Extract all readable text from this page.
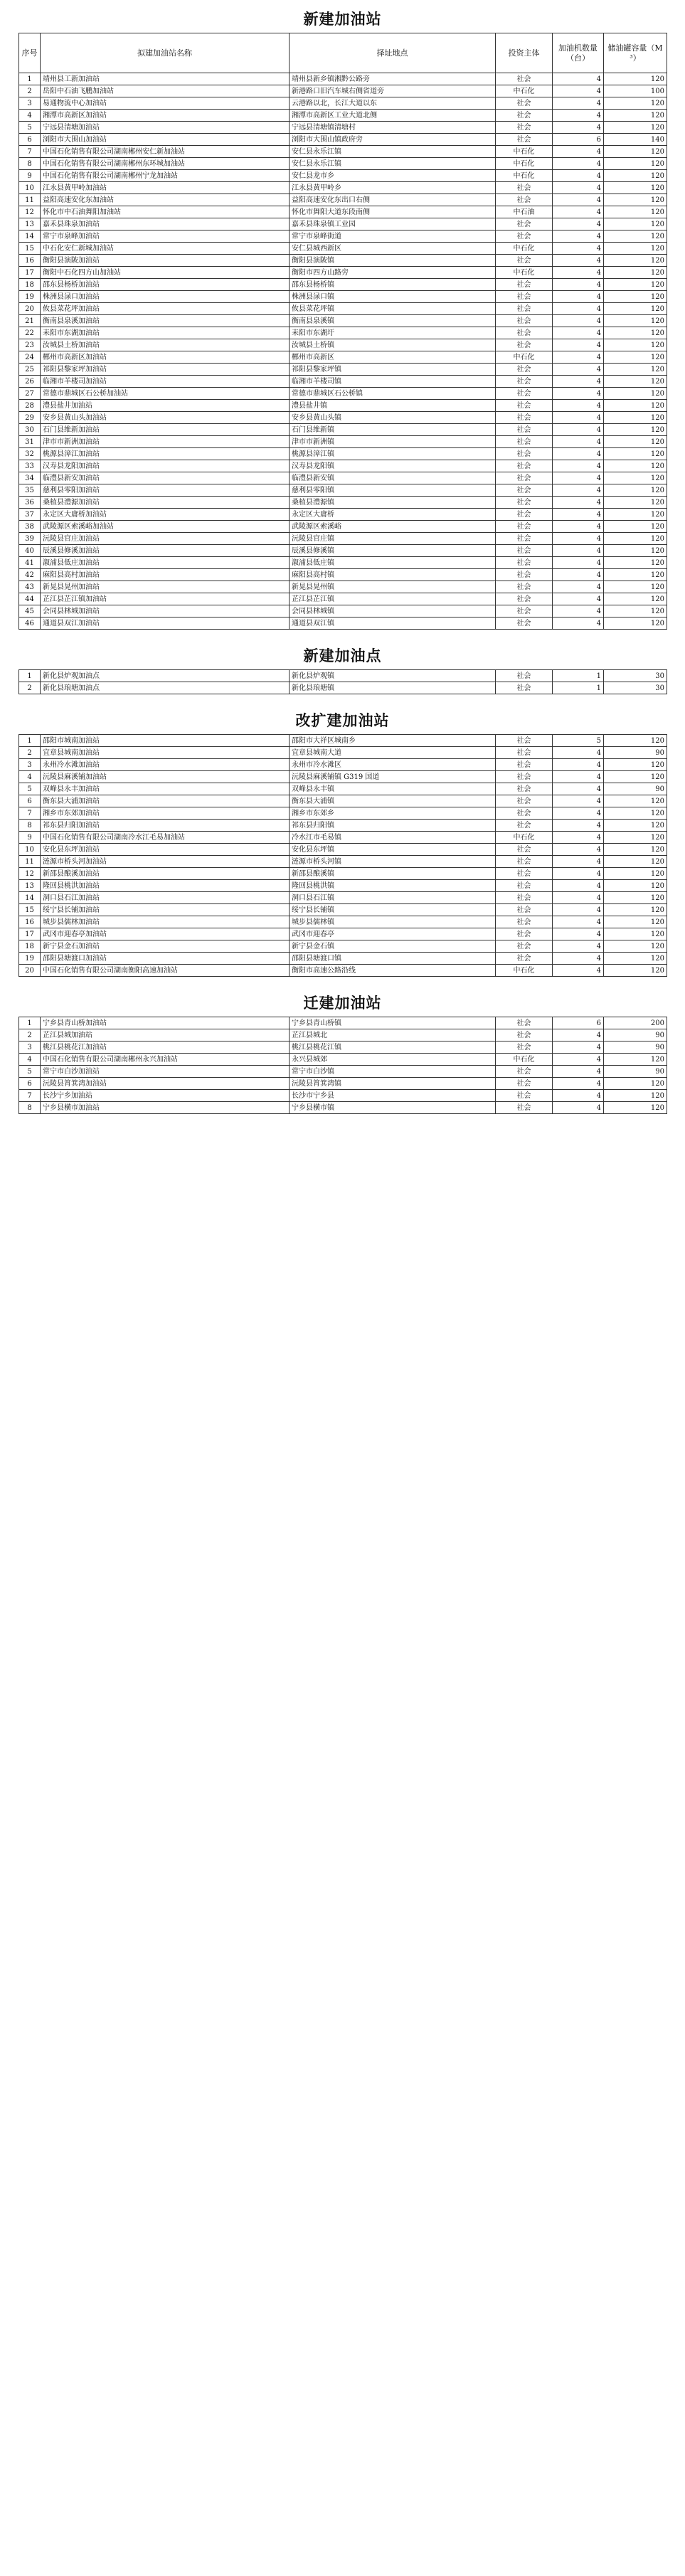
新建加油站
序号	拟建加油站名称	择址地点	投资主体	加油机数量（台）	储油罐容量（M³）
1	靖州县工新加油站	靖州县新乡镇湘黔公路旁	社会	4	120
2	岳阳中石油飞鹏加油站	新港路口旧汽车城右侧省道旁	中石化	4	100
3	易通物流中心加油站	云港路以北，长江大道以东	社会	4	120
4	湘潭市高新区加油站	湘潭市高新区工业大道北侧	社会	4	120
5	宁远县清塘加油站	宁远县清塘镇清塘村	社会	4	120
6	浏阳市大围山加油站	浏阳市大围山镇政府旁	社会	6	140
7	中国石化销售有限公司湖南郴州安仁新加油站	安仁县永乐江镇	中石化	4	120
8	中国石化销售有限公司湖南郴州东环城加油站	安仁县永乐江镇	中石化	4	120
9	中国石化销售有限公司湖南郴州宁龙加油站	安仁县龙市乡	中石化	4	120
10	江永县黄甲岭加油站	江永县黄甲岭乡	社会	4	120
11	益阳高速安化东加油站	益阳高速安化东出口右侧	社会	4	120
12	怀化市中石油舞阳加油站	怀化市舞阳大道东段南侧	中石油	4	120
13	嘉禾县珠泉加油站	嘉禾县珠泉镇工业园	社会	4	120
14	常宁市泉峰加油站	常宁市泉峰街道	社会	4	120
15	中石化安仁新城加油站	安仁县城西新区	中石化	4	120
16	衡阳县演陂加油站	衡阳县演陂镇	社会	4	120
17	衡阳中石化四方山加油站	衡阳市四方山路旁	中石化	4	120
18	邵东县杨桥加油站	邵东县杨桥镇	社会	4	120
19	株洲县渌口加油站	株洲县渌口镇	社会	4	120
20	攸县菜花坪加油站	攸县菜花坪镇	社会	4	120
21	衡南县泉溪加油站	衡南县泉溪镇	社会	4	120
22	耒阳市东湖加油站	耒阳市东湖圩	社会	4	120
23	汝城县土桥加油站	汝城县土桥镇	社会	4	120
24	郴州市高新区加油站	郴州市高新区	中石化	4	120
25	祁阳县黎家坪加油站	祁阳县黎家坪镇	社会	4	120
26	临湘市羊楼司加油站	临湘市羊楼司镇	社会	4	120
27	常德市鼎城区石公桥加油站	常德市鼎城区石公桥镇	社会	4	120
28	澧县盐井加油站	澧县盐井镇	社会	4	120
29	安乡县黄山头加油站	安乡县黄山头镇	社会	4	120
30	石门县维新加油站	石门县维新镇	社会	4	120
31	津市市新洲加油站	津市市新洲镇	社会	4	120
32	桃源县漳江加油站	桃源县漳江镇	社会	4	120
33	汉寿县龙阳加油站	汉寿县龙阳镇	社会	4	120
34	临澧县新安加油站	临澧县新安镇	社会	4	120
35	慈利县零阳加油站	慈利县零阳镇	社会	4	120
36	桑植县澧源加油站	桑植县澧源镇	社会	4	120
37	永定区大庸桥加油站	永定区大庸桥	社会	4	120
38	武陵源区索溪峪加油站	武陵源区索溪峪	社会	4	120
39	沅陵县官庄加油站	沅陵县官庄镇	社会	4	120
40	辰溪县修溪加油站	辰溪县修溪镇	社会	4	120
41	溆浦县低庄加油站	溆浦县低庄镇	社会	4	120
42	麻阳县高村加油站	麻阳县高村镇	社会	4	120
43	新晃县晃州加油站	新晃县晃州镇	社会	4	120
44	芷江县芷江镇加油站	芷江县芷江镇	社会	4	120
45	会同县林城加油站	会同县林城镇	社会	4	120
46	通道县双江加油站	通道县双江镇	社会	4	120
新建加油点
1	新化县炉观加油点	新化县炉观镇	社会	1	30
2	新化县琅塘加油点	新化县琅塘镇	社会	1	30
改扩建加油站
1	邵阳市城南加油站	邵阳市大祥区城南乡	社会	5	120
2	宜章县城南加油站	宜章县城南大道	社会	4	90
3	永州冷水滩加油站	永州市冷水滩区	社会	4	120
4	沅陵县麻溪铺加油站	沅陵县麻溪铺镇 G319 国道	社会	4	120
5	双峰县永丰加油站	双峰县永丰镇	社会	4	90
6	衡东县大浦加油站	衡东县大浦镇	社会	4	120
7	湘乡市东郊加油站	湘乡市东郊乡	社会	4	120
8	祁东县归阳加油站	祁东县归阳镇	社会	4	120
9	中国石化销售有限公司湖南冷水江毛易加油站	冷水江市毛易镇	中石化	4	120
10	安化县东坪加油站	安化县东坪镇	社会	4	120
11	涟源市桥头河加油站	涟源市桥头河镇	社会	4	120
12	新邵县酿溪加油站	新邵县酿溪镇	社会	4	120
13	隆回县桃洪加油站	隆回县桃洪镇	社会	4	120
14	洞口县石江加油站	洞口县石江镇	社会	4	120
15	绥宁县长铺加油站	绥宁县长铺镇	社会	4	120
16	城步县儒林加油站	城步县儒林镇	社会	4	120
17	武冈市迎春亭加油站	武冈市迎春亭	社会	4	120
18	新宁县金石加油站	新宁县金石镇	社会	4	120
19	邵阳县塘渡口加油站	邵阳县塘渡口镇	社会	4	120
20	中国石化销售有限公司湖南衡阳高速加油站	衡阳市高速公路沿线	中石化	4	120
迁建加油站
1	宁乡县青山桥加油站	宁乡县青山桥镇	社会	6	200
2	芷江县城加油站	芷江县城北	社会	4	90
3	桃江县桃花江加油站	桃江县桃花江镇	社会	4	90
4	中国石化销售有限公司湖南郴州永兴加油站	永兴县城郊	中石化	4	120
5	常宁市白沙加油站	常宁市白沙镇	社会	4	90
6	沅陵县筲箕湾加油站	沅陵县筲箕湾镇	社会	4	120
7	长沙宁乡加油站	长沙市宁乡县	社会	4	120
8	宁乡县横市加油站	宁乡县横市镇	社会	4	120
